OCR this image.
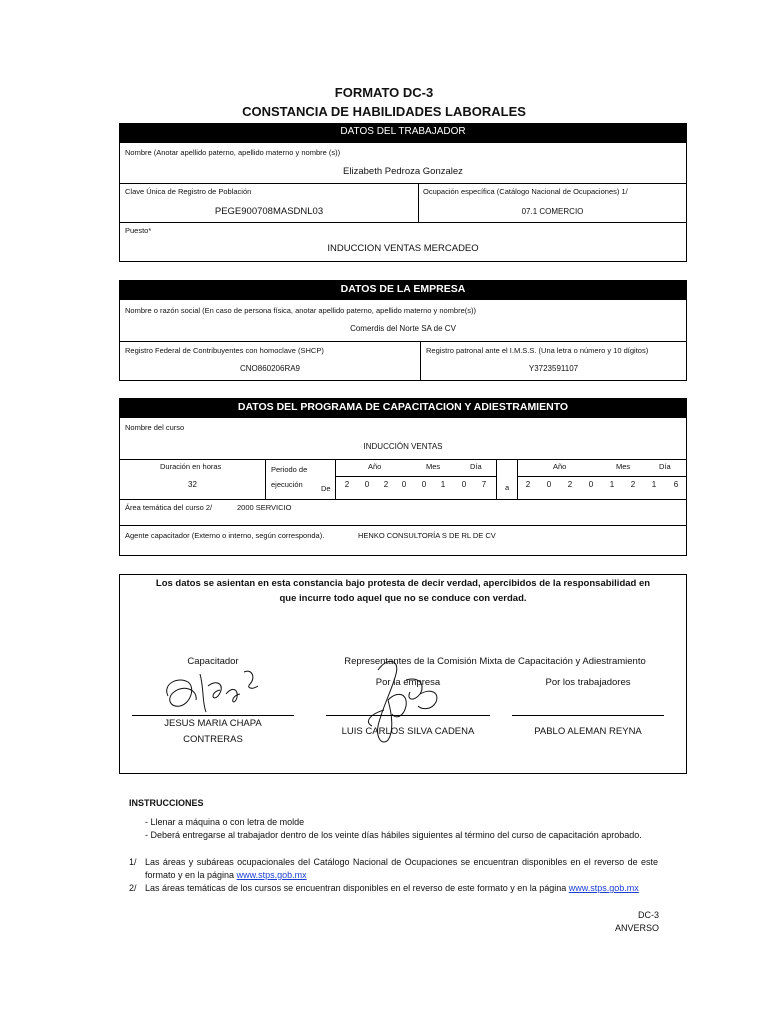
FORMATO DC-3
CONSTANCIA DE HABILIDADES LABORALES
DATOS DEL TRABAJADOR
Nombre (Anotar apellido paterno, apellido materno y nombre (s))
Elizabeth Pedroza Gonzalez
Clave Única de Registro de Población
PEGE900708MASDNL03
Ocupación específica (Catálogo Nacional de Ocupaciones) 1/
07.1 COMERCIO
Puesto*
INDUCCION VENTAS MERCADEO
DATOS DE LA EMPRESA
Nombre o razón social (En caso de persona física, anotar apellido paterno, apellido materno y nombre(s))
Comerdis del Norte SA de CV
Registro Federal de Contribuyentes con homoclave (SHCP)
CNO860206RA9
Registro patronal ante el I.M.S.S. (Una letra o número y 10 dígitos)
Y3723591107
DATOS DEL PROGRAMA DE CAPACITACION Y ADIESTRAMIENTO
Nombre del curso
INDUCCIÓN VENTAS
Duración en horas
32
Periodo de
ejecución De	a
Año	Mes	Día	Año	Mes	Día
2	0	2	0	0	1	0	7	2	0	2	0	1	2	1	6
Área temática del curso 2/	2000 SERVICIO
Agente capacitador (Externo o interno, según corresponda).	HENKO CONSULTORÍA S DE RL DE CV
Los datos se asientan en esta constancia bajo protesta de decir verdad, apercibidos de la responsabilidad en
que incurre todo aquel que no se conduce con verdad.
Capacitador	Representantes de la Comisión Mixta de Capacitación y Adiestramiento
Por la empresa	Por los trabajadores
JESUS MARIA CHAPA
CONTRERAS
LUIS CARLOS SILVA CADENA	PABLO ALEMAN REYNA
INSTRUCCIONES
- Llenar a máquina o con letra de molde
- Deberá entregarse al trabajador dentro de los veinte días hábiles siguientes al término del curso de capacitación aprobado.
1/ Las áreas y subáreas ocupacionales del Catálogo Nacional de Ocupaciones se encuentran disponibles en el reverso de este formato y en la página www.stps.gob.mx
2/ Las áreas temáticas de los cursos se encuentran disponibles en el reverso de este formato y en la página www.stps.gob.mx
DC-3
ANVERSO
